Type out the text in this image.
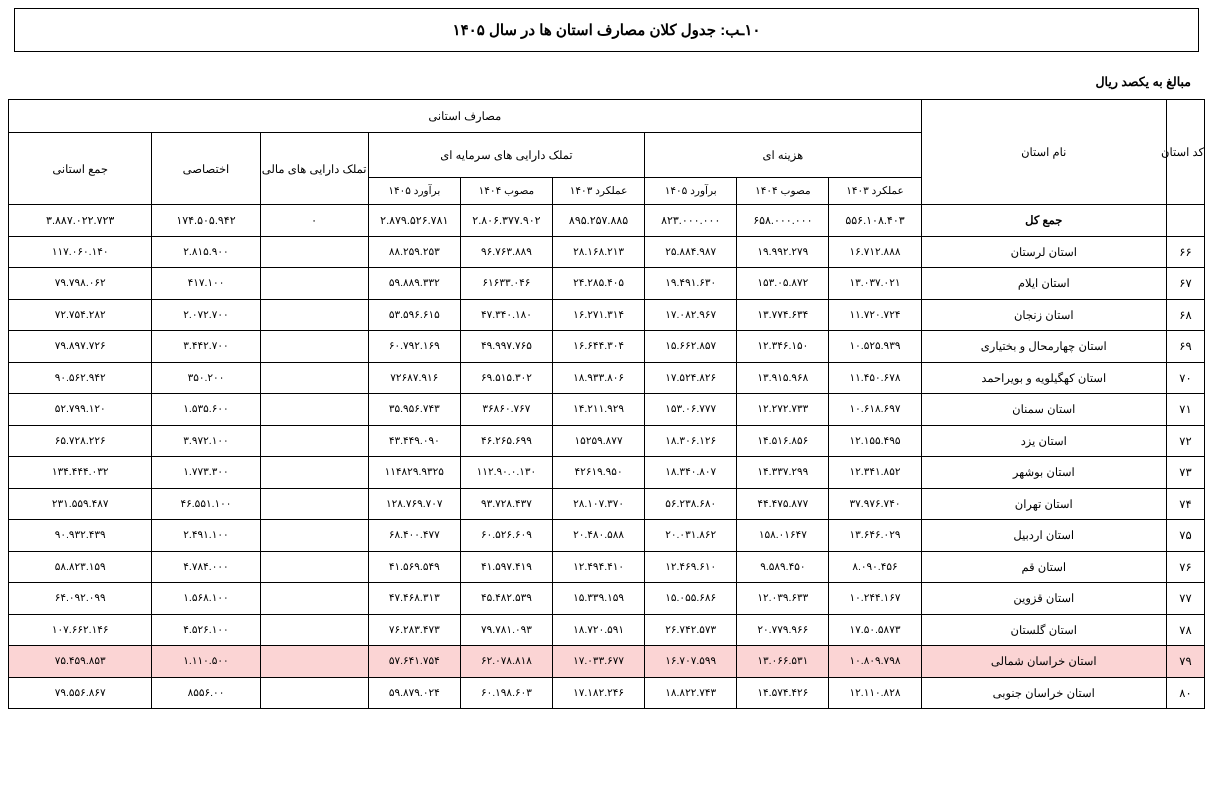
۱۰ـب: جدول کلان مصارف استان ها در سال ۱۴۰۵
مبالغ به یکصد ریال
کد استان	نام استان	مصارف استانی								
		هزینه ای			تملک دارایی های سرمایه ای			تملک دارایی های مالی	اختصاصی	جمع استانی
		عملکرد ۱۴۰۳	مصوب ۱۴۰۴	برآورد ۱۴۰۵	عملکرد ۱۴۰۳	مصوب ۱۴۰۴	برآورد ۱۴۰۵			
	جمع کل	۵۵۶.۱۰۸.۴۰۳	۶۵۸.۰۰۰.۰۰۰	۸۲۳.۰۰۰.۰۰۰	۸۹۵.۲۵۷.۸۸۵	۲.۸۰۶.۳۷۷.۹۰۲	۲.۸۷۹.۵۲۶.۷۸۱	۰	۱۷۴.۵۰۵.۹۴۲	۳.۸۸۷.۰۲۲.۷۲۳
۶۶	استان لرستان	۱۶.۷۱۲.۸۸۸	۱۹.۹۹۲.۲۷۹	۲۵.۸۸۴.۹۸۷	۲۸.۱۶۸.۲۱۳	۹۶.۷۶۳.۸۸۹	۸۸.۲۵۹.۲۵۳		۲.۸۱۵.۹۰۰	۱۱۷.۰۶۰.۱۴۰
۶۷	استان ایلام	۱۳.۰۳۷.۰۲۱	۱۵۳.۰۵.۸۷۲	۱۹.۴۹۱.۶۳۰	۲۴.۲۸۵.۴۰۵	۶۱۶۳۳.۰۴۶	۵۹.۸۸۹.۳۳۲		۴۱۷.۱۰۰	۷۹.۷۹۸.۰۶۲
۶۸	استان زنجان	۱۱.۷۲۰.۷۲۴	۱۳.۷۷۴.۶۳۴	۱۷.۰۸۲.۹۶۷	۱۶.۲۷۱.۳۱۴	۴۷.۳۴۰.۱۸۰	۵۳.۵۹۶.۶۱۵		۲.۰۷۲.۷۰۰	۷۲.۷۵۴.۲۸۲
۶۹	استان چهارمحال و بختیاری	۱۰.۵۲۵.۹۳۹	۱۲.۳۴۶.۱۵۰	۱۵.۶۶۲.۸۵۷	۱۶.۶۴۴.۳۰۴	۴۹.۹۹۷.۷۶۵	۶۰.۷۹۲.۱۶۹		۳.۴۴۲.۷۰۰	۷۹.۸۹۷.۷۲۶
۷۰	استان کهگیلویه و بویراحمد	۱۱.۴۵۰.۶۷۸	۱۳.۹۱۵.۹۶۸	۱۷.۵۲۴.۸۲۶	۱۸.۹۳۳.۸۰۶	۶۹.۵۱۵.۳۰۲	۷۲۶۸۷.۹۱۶		۳۵۰.۲۰۰	۹۰.۵۶۲.۹۴۲
۷۱	استان سمنان	۱۰.۶۱۸.۶۹۷	۱۲.۲۷۲.۷۳۳	۱۵۳.۰۶.۷۷۷	۱۴.۲۱۱.۹۲۹	۳۶۸۶۰.۷۶۷	۳۵.۹۵۶.۷۴۳		۱.۵۳۵.۶۰۰	۵۲.۷۹۹.۱۲۰
۷۲	استان یزد	۱۲.۱۵۵.۴۹۵	۱۴.۵۱۶.۸۵۶	۱۸.۳۰۶.۱۲۶	۱۵۲۵۹.۸۷۷	۴۶.۲۶۵.۶۹۹	۴۳.۴۴۹.۰۹۰		۳.۹۷۲.۱۰۰	۶۵.۷۲۸.۲۲۶
۷۳	استان بوشهر	۱۲.۳۴۱.۸۵۲	۱۴.۳۳۷.۲۹۹	۱۸.۳۴۰.۸۰۷	۴۲۶۱۹.۹۵۰	۱۱۲.۹۰.۰.۱۳۰	۱۱۴۸۲۹.۹۳۲۵		۱.۷۷۳.۳۰۰	۱۳۴.۴۴۴.۰۳۲
۷۴	استان تهران	۳۷.۹۷۶.۷۴۰	۴۴.۴۷۵.۸۷۷	۵۶.۲۳۸.۶۸۰	۲۸.۱۰۷.۳۷۰	۹۳.۷۲۸.۴۳۷	۱۲۸.۷۶۹.۷۰۷		۴۶.۵۵۱.۱۰۰	۲۳۱.۵۵۹.۴۸۷
۷۵	استان اردبیل	۱۳.۶۴۶.۰۲۹	۱۵۸.۰۱۶۴۷	۲۰.۰۳۱.۸۶۲	۲۰.۴۸۰.۵۸۸	۶۰.۵۲۶.۶۰۹	۶۸.۴۰۰.۴۷۷		۲.۴۹۱.۱۰۰	۹۰.۹۳۲.۴۳۹
۷۶	استان قم	۸.۰۹۰.۴۵۶	۹.۵۸۹.۴۵۰	۱۲.۴۶۹.۶۱۰	۱۲.۴۹۴.۴۱۰	۴۱.۵۹۷.۴۱۹	۴۱.۵۶۹.۵۴۹		۴.۷۸۴.۰۰۰	۵۸.۸۲۳.۱۵۹
۷۷	استان قزوین	۱۰.۲۴۴.۱۶۷	۱۲.۰۳۹.۶۳۳	۱۵.۰۵۵.۶۸۶	۱۵.۳۳۹.۱۵۹	۴۵.۴۸۲.۵۳۹	۴۷.۴۶۸.۳۱۳		۱.۵۶۸.۱۰۰	۶۴.۰۹۲.۰۹۹
۷۸	استان گلستان	۱۷.۵۰.۵۸۷۳	۲۰.۷۷۹.۹۶۶	۲۶.۷۴۲.۵۷۳	۱۸.۷۲۰.۵۹۱	۷۹.۷۸۱.۰۹۳	۷۶.۲۸۳.۴۷۳		۴.۵۲۶.۱۰۰	۱۰۷.۶۶۲.۱۴۶
۷۹	استان خراسان شمالی	۱۰.۸۰۹.۷۹۸	۱۳.۰۶۶.۵۳۱	۱۶.۷۰۷.۵۹۹	۱۷.۰۳۳.۶۷۷	۶۲.۰۷۸.۸۱۸	۵۷.۶۴۱.۷۵۴		۱.۱۱۰.۵۰۰	۷۵.۴۵۹.۸۵۳
۸۰	استان خراسان جنوبی	۱۲.۱۱۰.۸۲۸	۱۴.۵۷۴.۴۲۶	۱۸.۸۲۲.۷۴۳	۱۷.۱۸۲.۲۴۶	۶۰.۱۹۸.۶۰۳	۵۹.۸۷۹.۰۲۴		۸۵۵۶.۰۰	۷۹.۵۵۶.۸۶۷
